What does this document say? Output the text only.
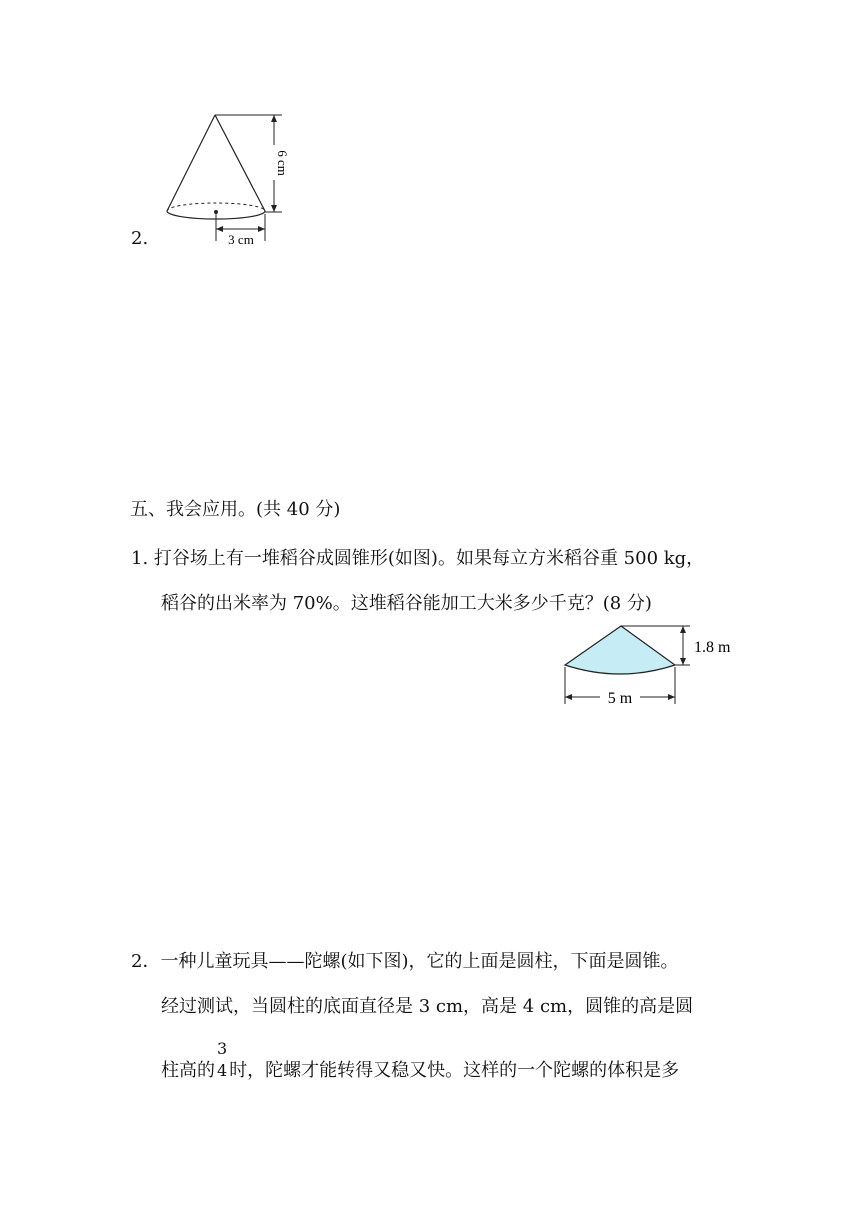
2.
6 cm
3 cm
五、我会应用。(共 40 分)
1. 打谷场上有一堆稻谷成圆锥形(如图)。如果每立方米稻谷重 500 kg，
稻谷的出米率为 70%。这堆稻谷能加工大米多少千克？(8 分)
1.8 m
5 m
2．一种儿童玩具——陀螺(如下图)，它的上面是圆柱，下面是圆锥。
经过测试，当圆柱的底面直径是 3 cm，高是 4 cm，圆锥的高是圆
柱高的
3
4 时，陀螺才能转得又稳又快。这样的一个陀螺的体积是多
